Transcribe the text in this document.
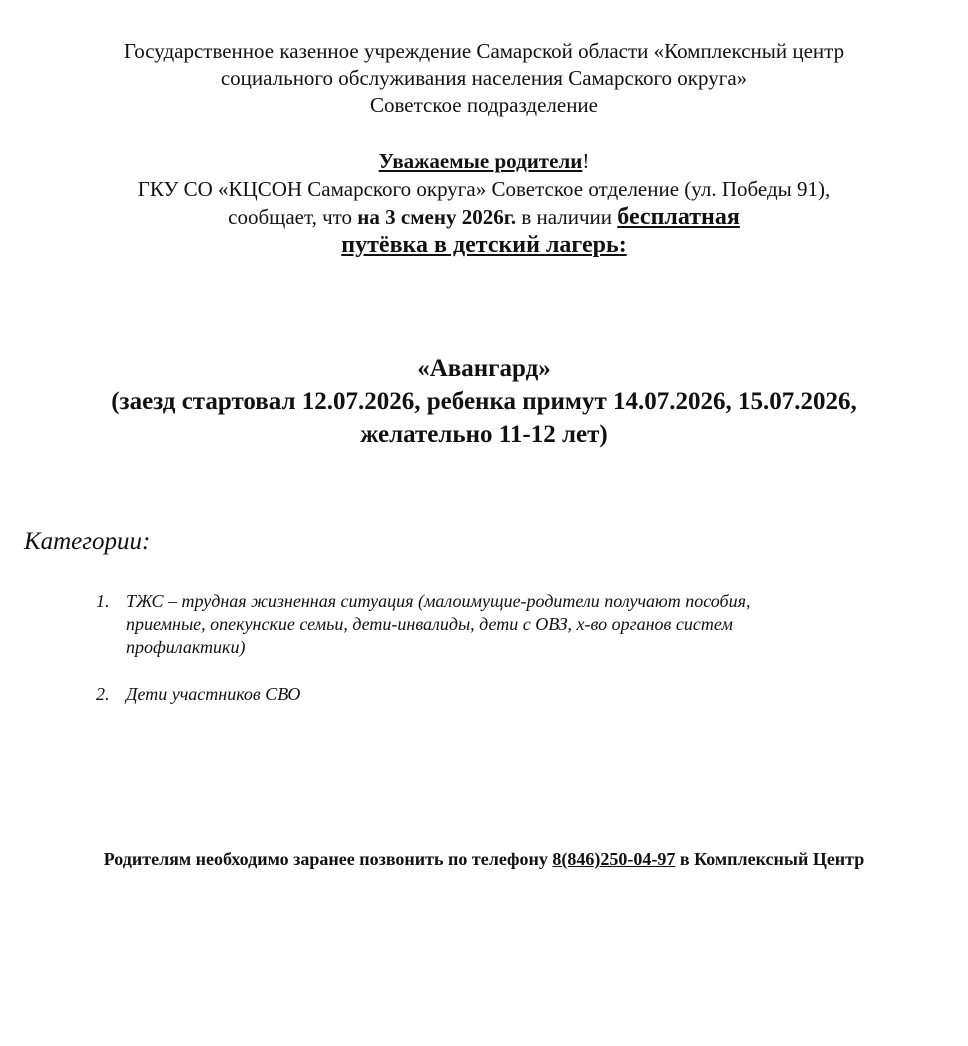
Государственное казенное учреждение Самарской области «Комплексный центр
социального обслуживания населения Самарского округа»
Советское подразделение
Уважаемые родители!
ГКУ СО «КЦСОН Самарского округа» Советское отделение (ул. Победы 91),
сообщает, что на 3 смену 2026г. в наличии бесплатная
путёвка в детский лагерь:
«Авангард»
(заезд стартовал 12.07.2026, ребенка примут 14.07.2026, 15.07.2026,
желательно 11-12 лет)
Категории:
1. ТЖС – трудная жизненная ситуация (малоимущие-родители получают пособия,
приемные, опекунские семьи, дети-инвалиды, дети с ОВЗ, х-во органов систем
профилактики)
2. Дети участников СВО
Родителям необходимо заранее позвонить по телефону 8(846)250-04-97 в Комплексный Центр
